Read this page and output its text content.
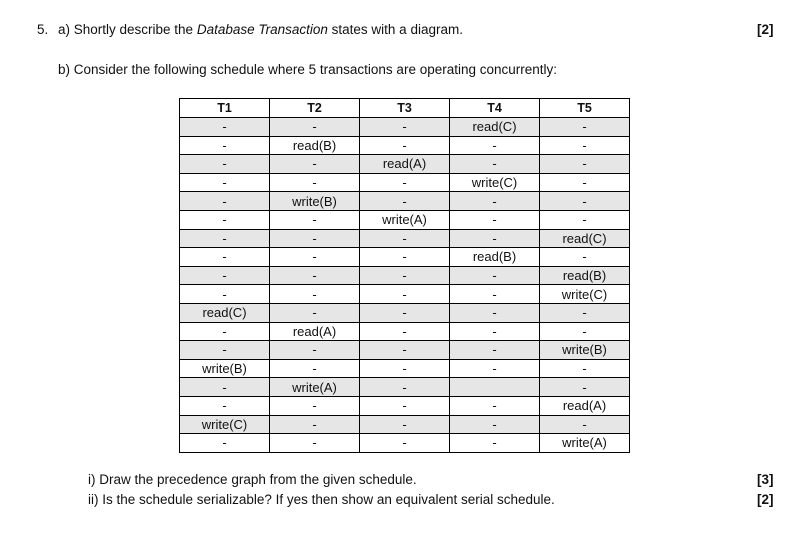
5. a) Shortly describe the Database Transaction states with a diagram.	[2]
b) Consider the following schedule where 5 transactions are operating concurrently:
T1	T2	T3	T4	T5
-	-	-	read(C)	-
-	read(B)	-	-	-
-	-	read(A)	-	-
-	-	-	write(C)	-
-	write(B)	-	-	-
-	-	write(A)	-	-
-	-	-	-	read(C)
-	-	-	read(B)	-
-	-	-	-	read(B)
-	-	-	-	write(C)
read(C)	-	-	-	-
-	read(A)	-	-	-
-	-	-	-	write(B)
write(B)	-	-	-	-
-	write(A)	-		-
-	-	-	-	read(A)
write(C)	-	-	-	-
-	-	-	-	write(A)
i) Draw the precedence graph from the given schedule.	[3]
ii) Is the schedule serializable? If yes then show an equivalent serial schedule.	[2]
